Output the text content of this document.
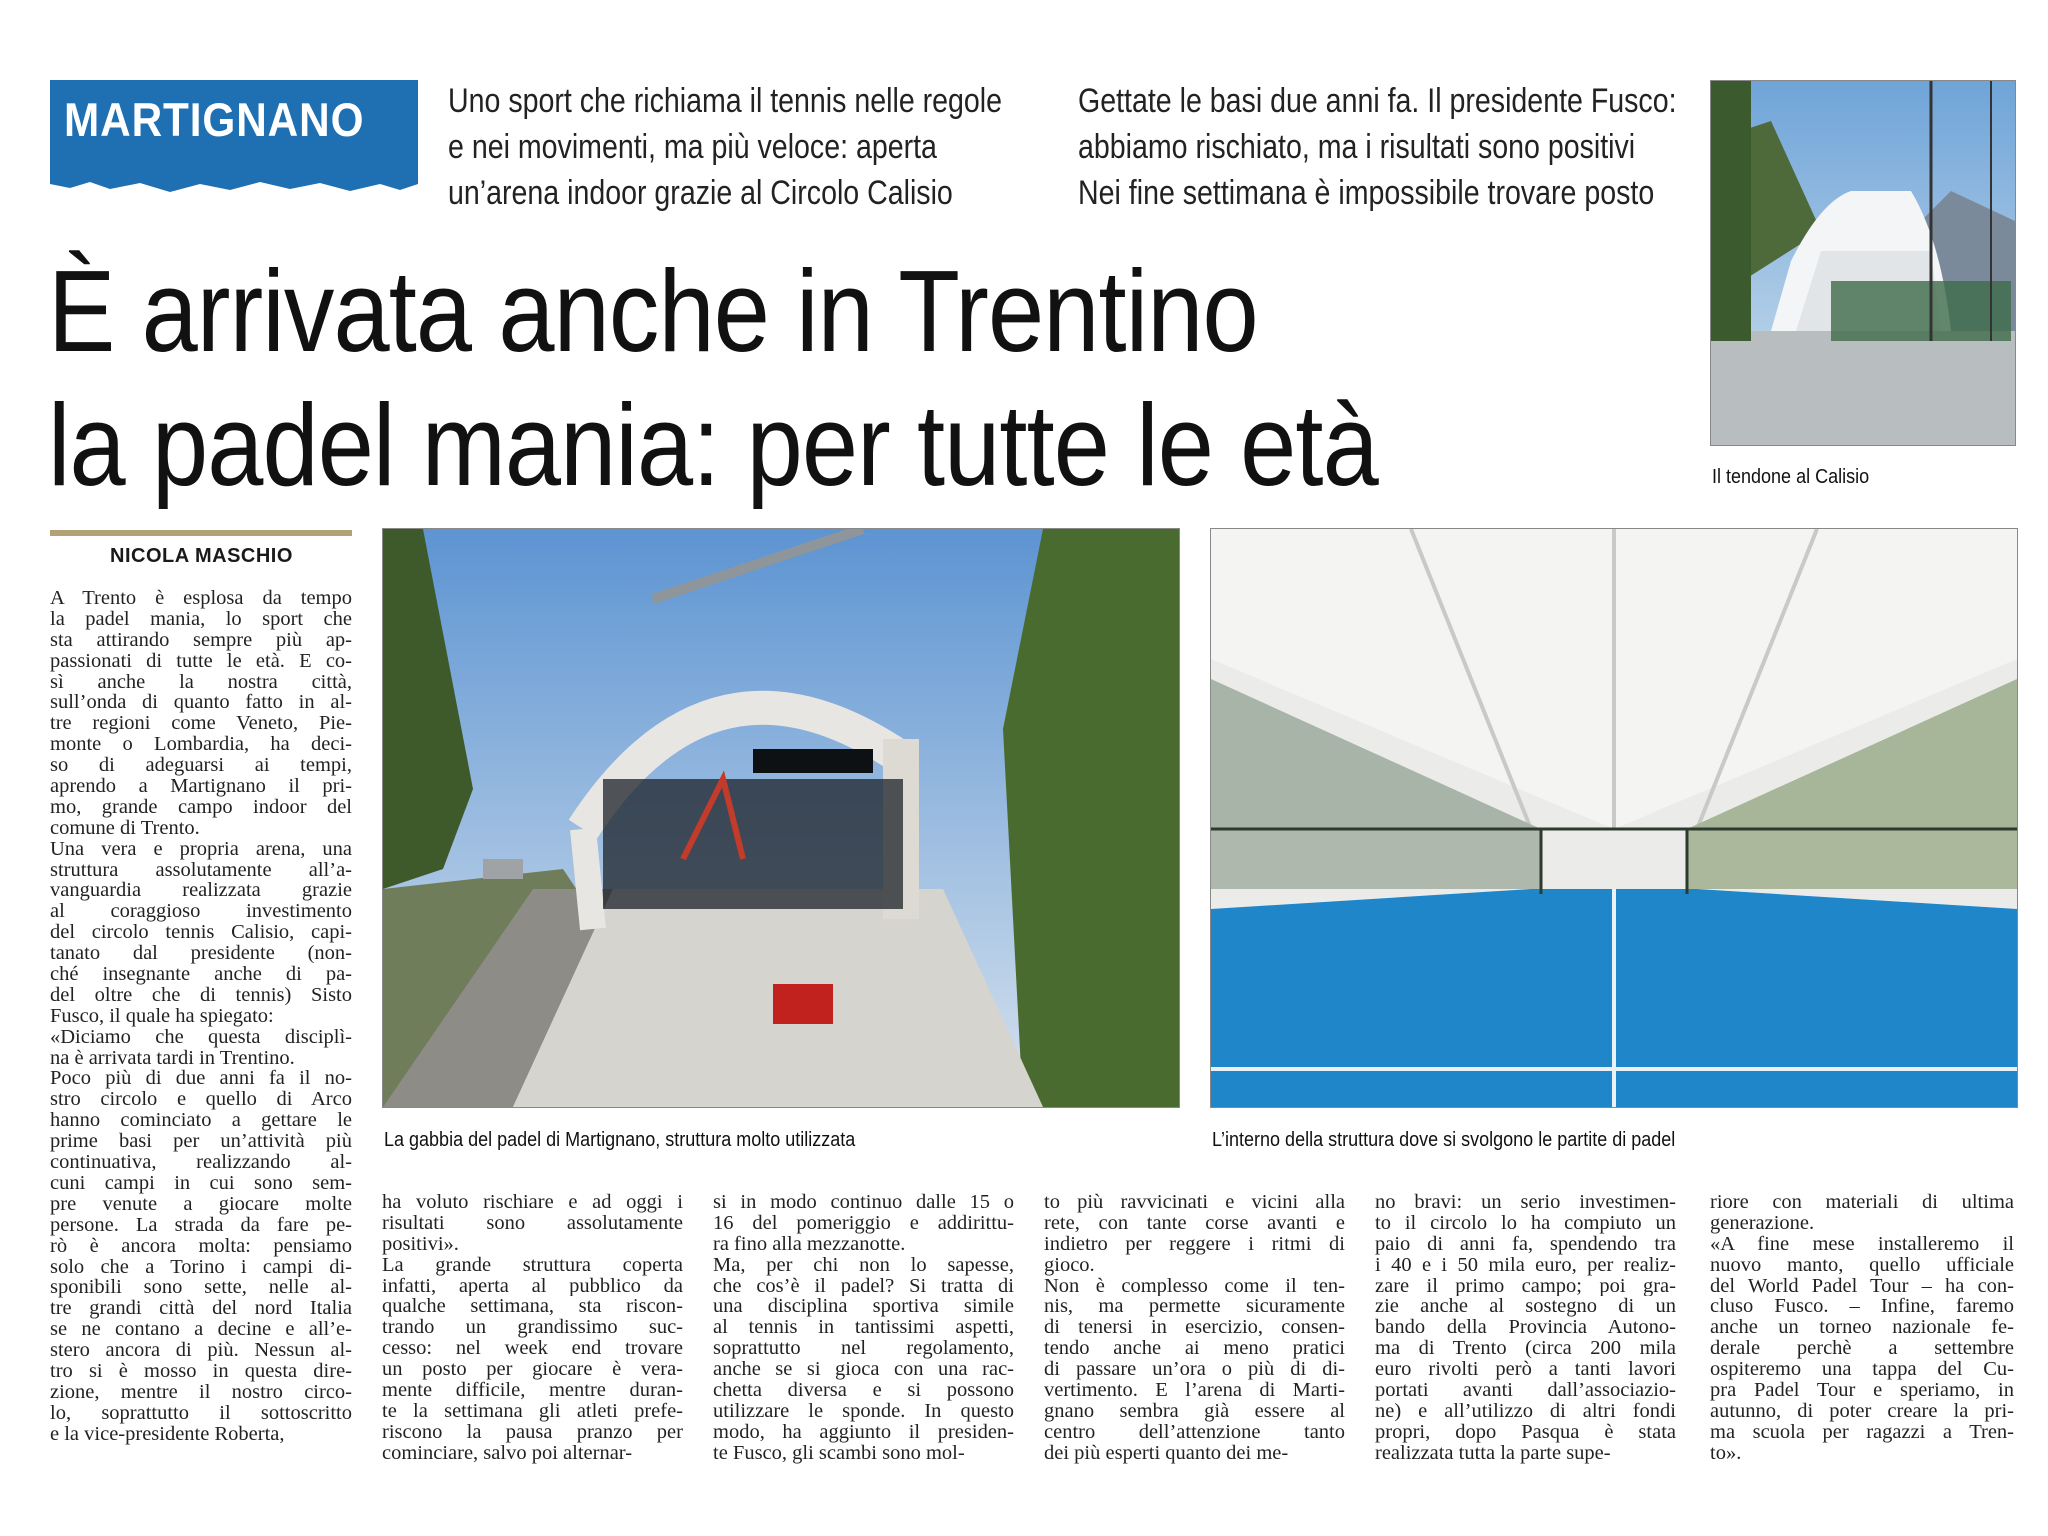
MARTIGNANO Uno sport che richiama il tennis nelle regole
e nei movimenti, ma più veloce: aperta
un’arena indoor grazie al Circolo Calisio
Gettate le basi due anni fa. Il presidente Fusco:
abbiamo rischiato, ma i risultati sono positivi
Nei fine settimana è impossibile trovare posto
È arrivata anche in Trentino
la padel mania: per tutte le età	Il tendone al Calisio
NICOLA MASCHIO
La gabbia del padel di Martignano, struttura molto utilizzata	L’interno della struttura dove si svolgono le partite di padel
A Trento è esplosa da tempo
la padel mania, lo sport che
sta attirando sempre più ap-
passionati di tutte le età. E co-
sì anche la nostra città,
sull’onda di quanto fatto in al-
tre regioni come Veneto, Pie-
monte o Lombardia, ha deci-
so di adeguarsi ai tempi,
aprendo a Martignano il pri-
mo, grande campo indoor del
comune di Trento.
Una vera e propria arena, una
struttura assolutamente all’a-
vanguardia realizzata grazie
al coraggioso investimento
del circolo tennis Calisio, capi-
tanato dal presidente (non-
ché insegnante anche di pa-
del oltre che di tennis) Sisto
Fusco, il quale ha spiegato:
«Diciamo che questa disciplì-
na è arrivata tardi in Trentino.
Poco più di due anni fa il no-
stro circolo e quello di Arco
hanno cominciato a gettare le
prime basi per un’attività più
continuativa, realizzando al-
cuni campi in cui sono sem-
pre venute a giocare molte
persone. La strada da fare pe-
rò è ancora molta: pensiamo
solo che a Torino i campi di-
sponibili sono sette, nelle al-
tre grandi città del nord Italia
se ne contano a decine e all’e-
stero ancora di più. Nessun al-
tro si è mosso in questa dire-
zione, mentre il nostro circo-
lo, soprattutto il sottoscritto
e la vice-presidente Roberta,
ha voluto rischiare e ad oggi i
risultati sono assolutamente
positivi».
La grande struttura coperta
infatti, aperta al pubblico da
qualche settimana, sta riscon-
trando un grandissimo suc-
cesso: nel week end trovare
un posto per giocare è vera-
mente difficile, mentre duran-
te la settimana gli atleti prefe-
riscono la pausa pranzo per
cominciare, salvo poi alternar-
si in modo continuo dalle 15 o
16 del pomeriggio e addirittu-
ra fino alla mezzanotte.
Ma, per chi non lo sapesse,
che cos’è il padel? Si tratta di
una disciplina sportiva simile
al tennis in tantissimi aspetti,
soprattutto nel regolamento,
anche se si gioca con una rac-
chetta diversa e si possono
utilizzare le sponde. In questo
modo, ha aggiunto il presiden-
te Fusco, gli scambi sono mol-
to più ravvicinati e vicini alla
rete, con tante corse avanti e
indietro per reggere i ritmi di
gioco.
Non è complesso come il ten-
nis, ma permette sicuramente
di tenersi in esercizio, consen-
tendo anche ai meno pratici
di passare un’ora o più di di-
vertimento. E l’arena di Marti-
gnano sembra già essere al
centro dell’attenzione tanto
dei più esperti quanto dei me-
no bravi: un serio investimen-
to il circolo lo ha compiuto un
paio di anni fa, spendendo tra
i 40 e i 50 mila euro, per realiz-
zare il primo campo; poi gra-
zie anche al sostegno di un
bando della Provincia Autono-
ma di Trento (circa 200 mila
euro rivolti però a tanti lavori
portati avanti dall’associazio-
ne) e all’utilizzo di altri fondi
propri, dopo Pasqua è stata
realizzata tutta la parte supe-
riore con materiali di ultima
generazione.
«A fine mese installeremo il
nuovo manto, quello ufficiale
del World Padel Tour – ha con-
cluso Fusco. – Infine, faremo
anche un torneo nazionale fe-
derale perchè a settembre
ospiteremo una tappa del Cu-
pra Padel Tour e speriamo, in
autunno, di poter creare la pri-
ma scuola per ragazzi a Tren-
to».
